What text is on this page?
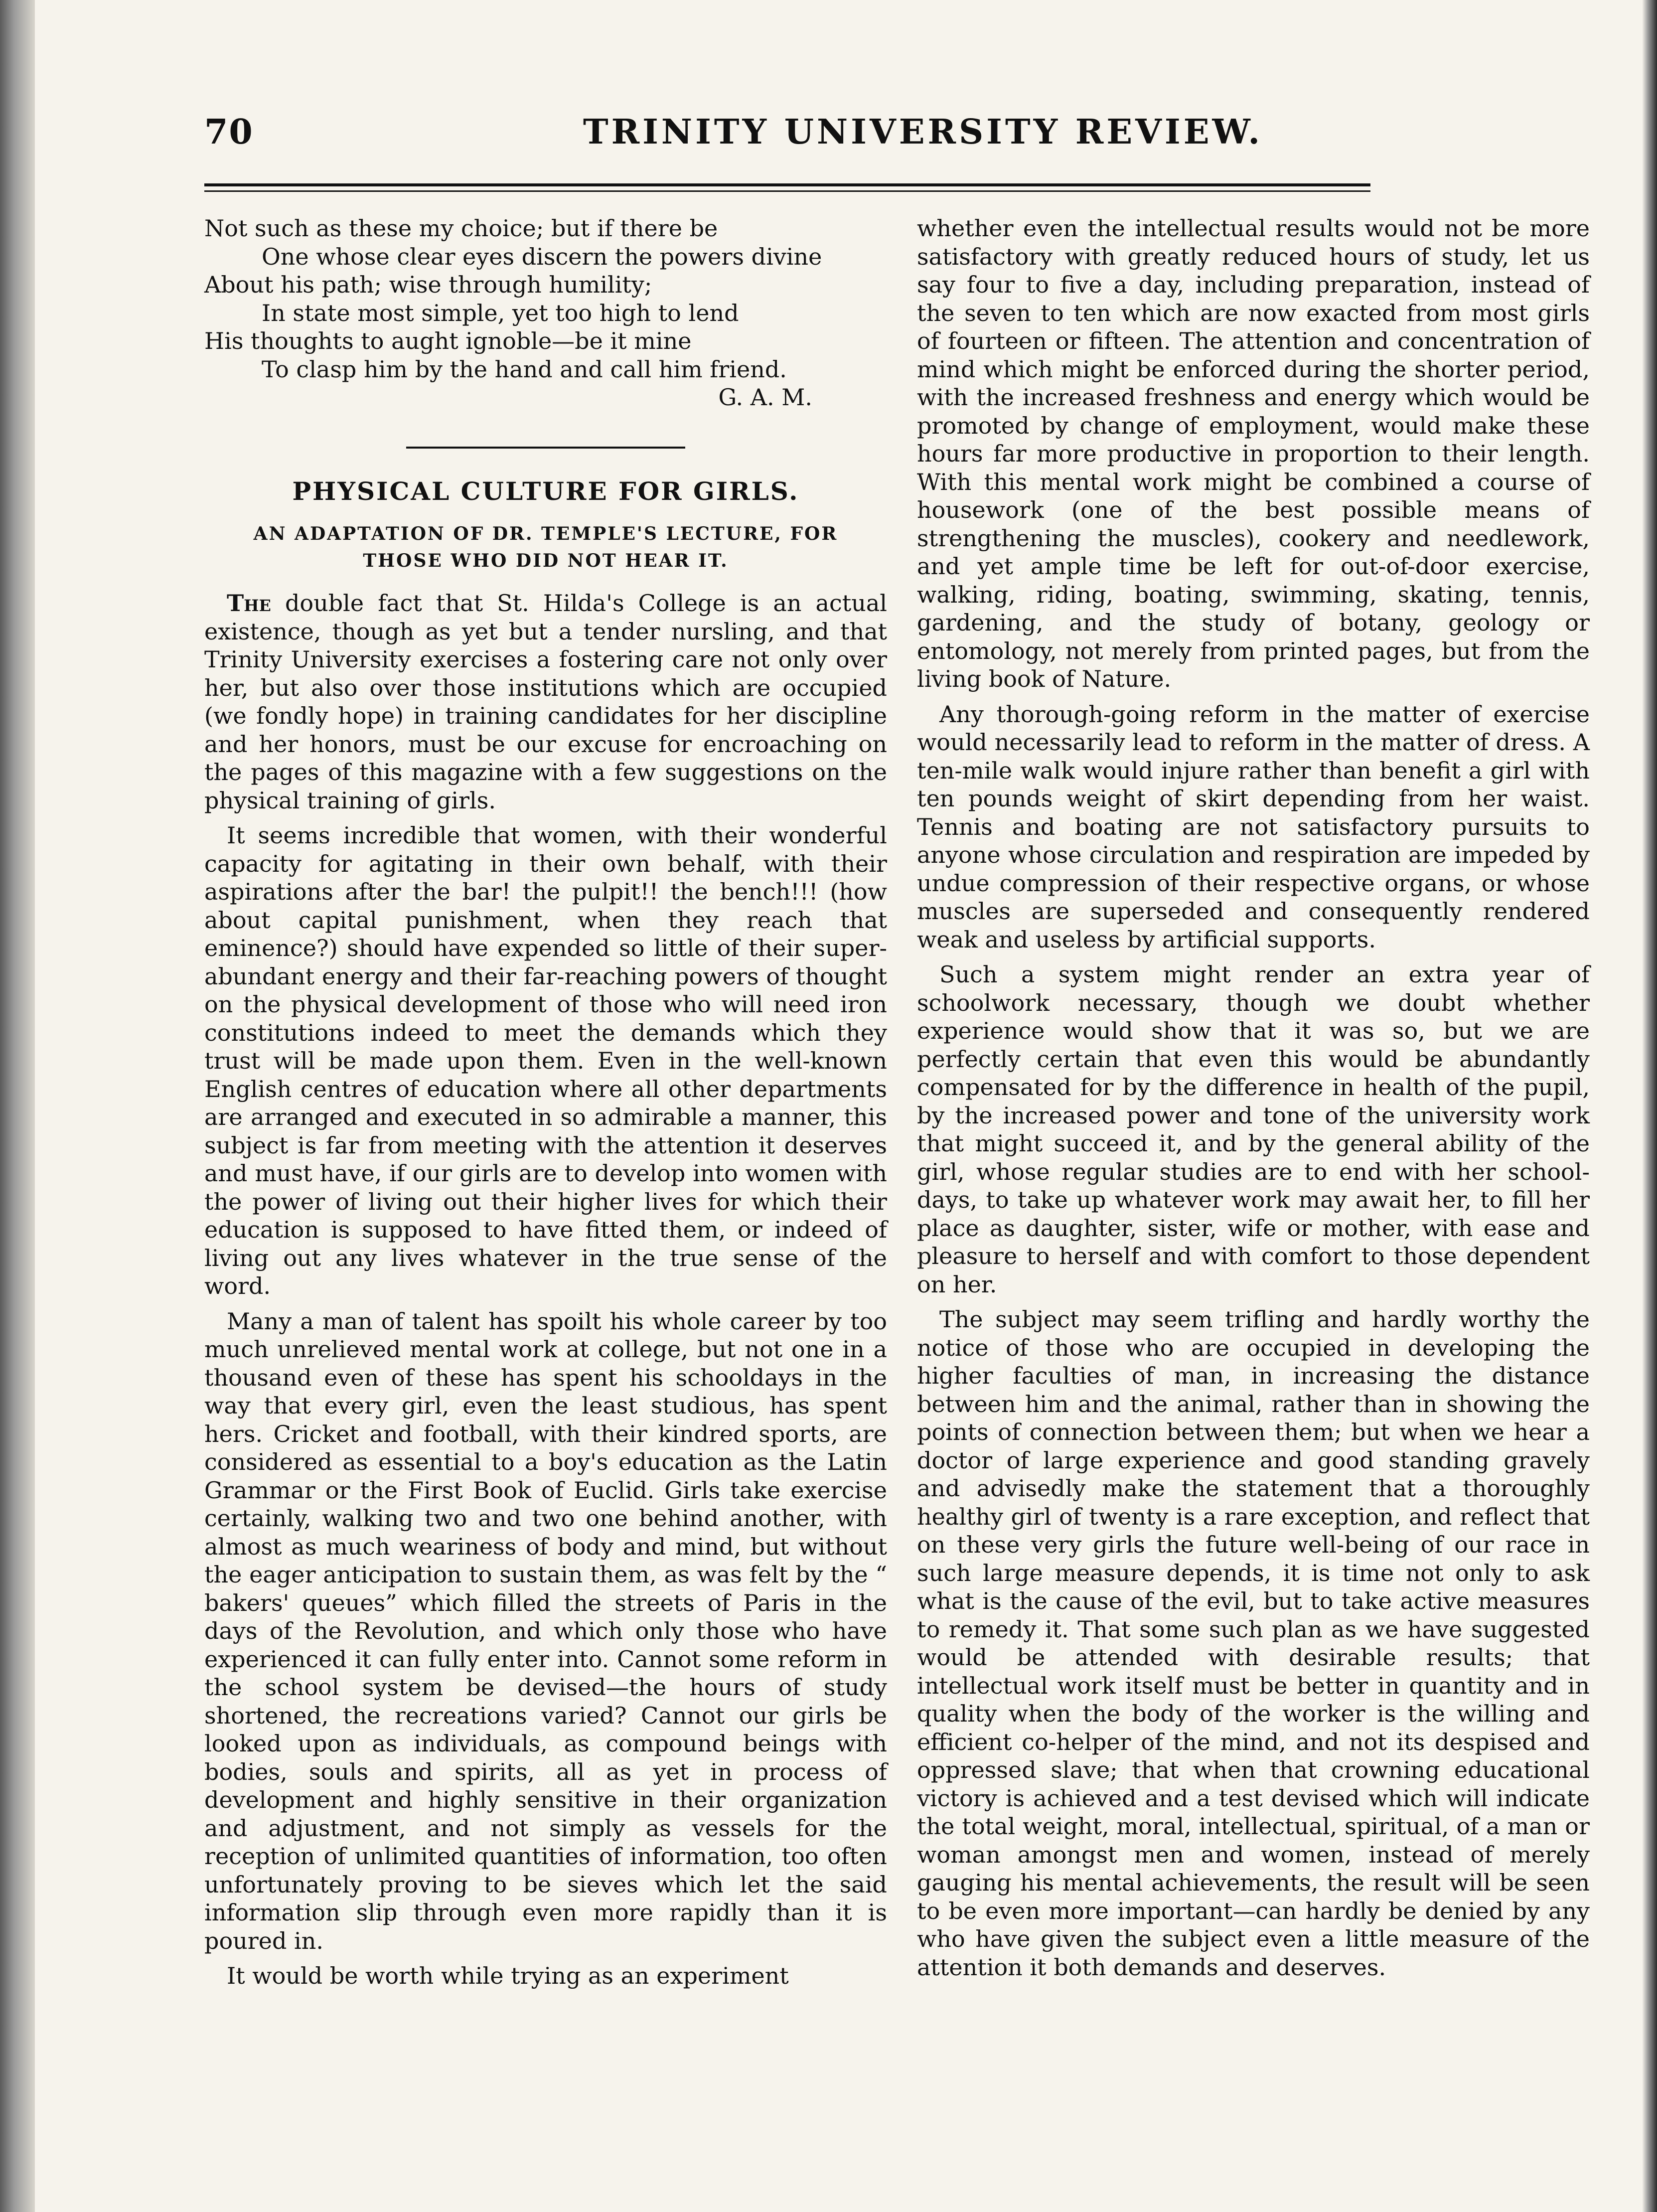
70	TRINITY UNIVERSITY REVIEW.
Not such as these my choice; but if there be
One whose clear eyes discern the powers divine
About his path; wise through humility;
In state most simple, yet too high to lend
His thoughts to aught ignoble—be it mine
To clasp him by the hand and call him friend.
G. A. M.
PHYSICAL CULTURE FOR GIRLS.

AN ADAPTATION OF DR. TEMPLE'S LECTURE, FOR THOSE WHO DID NOT HEAR IT.

The double fact that St. Hilda's College is an actual existence, though as yet but a tender nursling, and that Trinity University exercises a fostering care not only over her, but also over those institutions which are occupied (we fondly hope) in training candidates for her discipline and her honors, must be our excuse for encroaching on the pages of this magazine with a few suggestions on the physical training of girls.

It seems incredible that women, with their wonderful capacity for agitating in their own behalf, with their aspirations after the bar! the pulpit!! the bench!!! (how about capital punishment, when they reach that eminence?) should have expended so little of their super-abundant energy and their far-reaching powers of thought on the physical development of those who will need iron constitutions indeed to meet the demands which they trust will be made upon them. Even in the well-known English centres of education where all other departments are arranged and executed in so admirable a manner, this subject is far from meeting with the attention it deserves and must have, if our girls are to develop into women with the power of living out their higher lives for which their education is supposed to have fitted them, or indeed of living out any lives whatever in the true sense of the word.

Many a man of talent has spoilt his whole career by too much unrelieved mental work at college, but not one in a thousand even of these has spent his schooldays in the way that every girl, even the least studious, has spent hers. Cricket and football, with their kindred sports, are considered as essential to a boy's education as the Latin Grammar or the First Book of Euclid. Girls take exercise certainly, walking two and two one behind another, with almost as much weariness of body and mind, but without the eager anticipation to sustain them, as was felt by the “ bakers' queues” which filled the streets of Paris in the days of the Revolution, and which only those who have experienced it can fully enter into. Cannot some reform in the school system be devised—the hours of study shortened, the recreations varied? Cannot our girls be looked upon as individuals, as compound beings with bodies, souls and spirits, all as yet in process of development and highly sensitive in their organization and adjustment, and not simply as vessels for the reception of unlimited quantities of information, too often unfortunately proving to be sieves which let the said information slip through even more rapidly than it is poured in.

It would be worth while trying as an experiment

whether even the intellectual results would not be more satisfactory with greatly reduced hours of study, let us say four to five a day, including preparation, instead of the seven to ten which are now exacted from most girls of fourteen or fifteen. The attention and concentration of mind which might be enforced during the shorter period, with the increased freshness and energy which would be promoted by change of employment, would make these hours far more productive in proportion to their length. With this mental work might be combined a course of housework (one of the best possible means of strengthening the muscles), cookery and needlework, and yet ample time be left for out-of-door exercise, walking, riding, boating, swimming, skating, tennis, gardening, and the study of botany, geology or entomology, not merely from printed pages, but from the living book of Nature.

Any thorough-going reform in the matter of exercise would necessarily lead to reform in the matter of dress. A ten-mile walk would injure rather than benefit a girl with ten pounds weight of skirt depending from her waist. Tennis and boating are not satisfactory pursuits to anyone whose circulation and respiration are impeded by undue compression of their respective organs, or whose muscles are superseded and consequently rendered weak and useless by artificial supports.

Such a system might render an extra year of schoolwork necessary, though we doubt whether experience would show that it was so, but we are perfectly certain that even this would be abundantly compensated for by the difference in health of the pupil, by the increased power and tone of the university work that might succeed it, and by the general ability of the girl, whose regular studies are to end with her school-days, to take up whatever work may await her, to fill her place as daughter, sister, wife or mother, with ease and pleasure to herself and with comfort to those dependent on her.

The subject may seem trifling and hardly worthy the notice of those who are occupied in developing the higher faculties of man, in increasing the distance between him and the animal, rather than in showing the points of connection between them; but when we hear a doctor of large experience and good standing gravely and advisedly make the statement that a thoroughly healthy girl of twenty is a rare exception, and reflect that on these very girls the future well-being of our race in such large measure depends, it is time not only to ask what is the cause of the evil, but to take active measures to remedy it. That some such plan as we have suggested would be attended with desirable results; that intellectual work itself must be better in quantity and in quality when the body of the worker is the willing and efficient co-helper of the mind, and not its despised and oppressed slave; that when that crowning educational victory is achieved and a test devised which will indicate the total weight, moral, intellectual, spiritual, of a man or woman amongst men and women, instead of merely gauging his mental achievements, the result will be seen to be even more important—can hardly be denied by any who have given the subject even a little measure of the attention it both demands and deserves.
